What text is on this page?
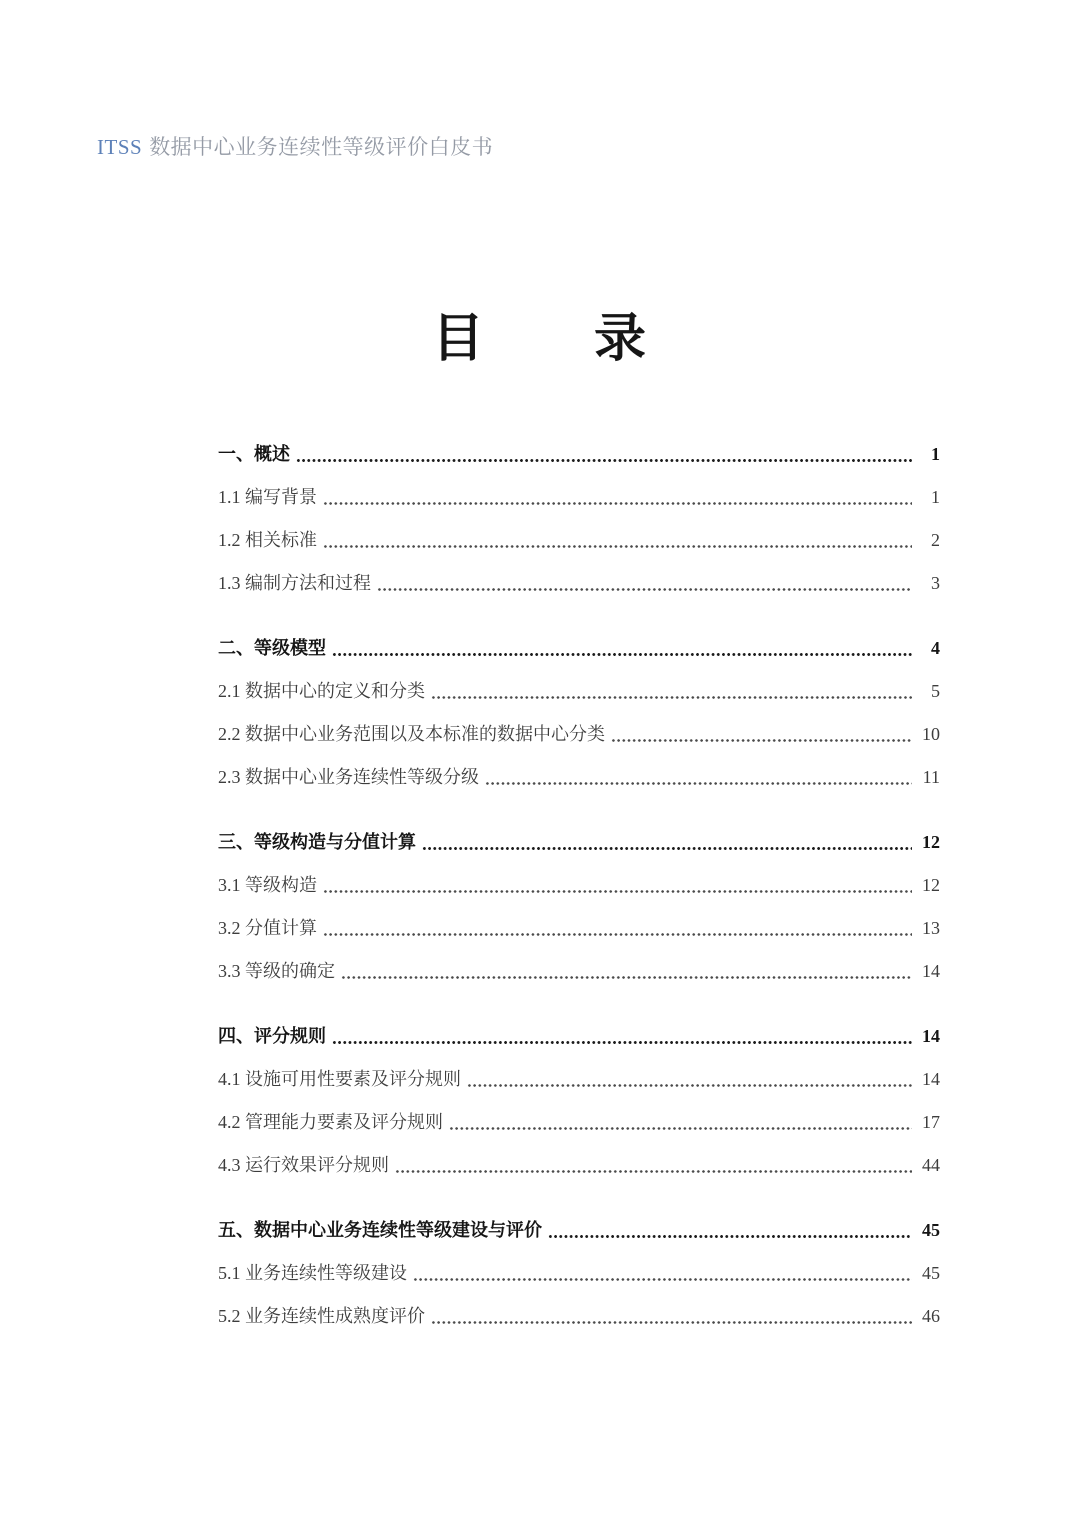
ITSS 数据中心业务连续性等级评价白皮书
目　　录
一、概述	1
1.1 编写背景	1
1.2 相关标准	2
1.3 编制方法和过程	3
二、等级模型	4
2.1 数据中心的定义和分类	5
2.2 数据中心业务范围以及本标准的数据中心分类	10
2.3 数据中心业务连续性等级分级	11
三、等级构造与分值计算	12
3.1 等级构造	12
3.2 分值计算	13
3.3 等级的确定	14
四、评分规则	14
4.1 设施可用性要素及评分规则	14
4.2 管理能力要素及评分规则	17
4.3 运行效果评分规则	44
五、数据中心业务连续性等级建设与评价	45
5.1 业务连续性等级建设	45
5.2 业务连续性成熟度评价	46
